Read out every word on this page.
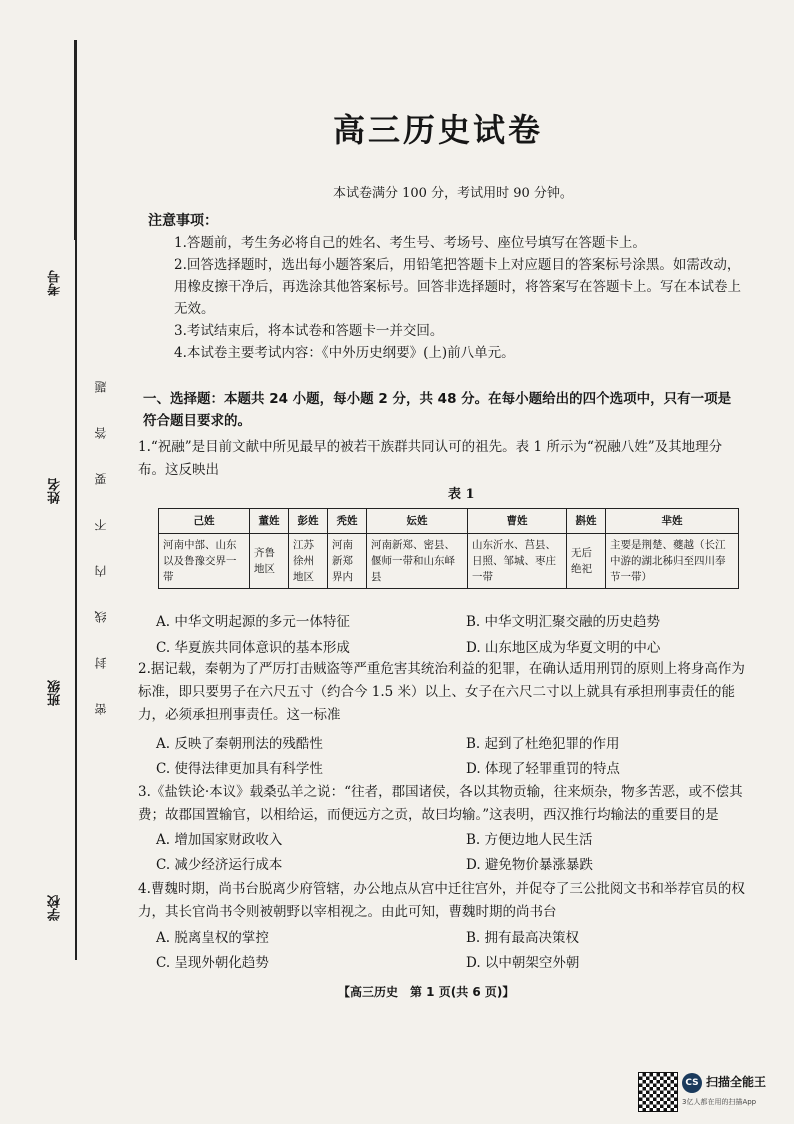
考号
姓名
班级
学校
密封线内不要答题
高三历史试卷
本试卷满分 100 分，考试用时 90 分钟。
注意事项：
1.答题前，考生务必将自己的姓名、考生号、考场号、座位号填写在答题卡上。
2.回答选择题时，选出每小题答案后，用铅笔把答题卡上对应题目的答案标号涂黑。如需改动，用橡皮擦干净后，再选涂其他答案标号。回答非选择题时，将答案写在答题卡上。写在本试卷上无效。
3.考试结束后，将本试卷和答题卡一并交回。
4.本试卷主要考试内容：《中外历史纲要》(上)前八单元。
一、选择题：本题共 24 小题，每小题 2 分，共 48 分。在每小题给出的四个选项中，只有一项是符合题目要求的。
1.“祝融”是目前文献中所见最早的被若干族群共同认可的祖先。表 1 所示为“祝融八姓”及其地理分布。这反映出
表 1
己姓	董姓	彭姓	秃姓	妘姓	曹姓	斟姓	芈姓
河南中部、山东以及鲁豫交界一带	齐鲁地区	江苏徐州地区	河南新郑界内	河南新郑、密县、偃师一带和山东峄县	山东沂水、莒县、日照、邹城、枣庄一带	无后绝祀	主要是荆楚、夔越（长江中游的湖北秭归至四川奉节一带）
A. 中华文明起源的多元一体特征	B. 中华文明汇聚交融的历史趋势
C. 华夏族共同体意识的基本形成	D. 山东地区成为华夏文明的中心
2.据记载，秦朝为了严厉打击贼盗等严重危害其统治利益的犯罪，在确认适用刑罚的原则上将身高作为标准，即只要男子在六尺五寸（约合今 1.5 米）以上、女子在六尺二寸以上就具有承担刑事责任的能力，必须承担刑事责任。这一标准
A. 反映了秦朝刑法的残酷性	B. 起到了杜绝犯罪的作用
C. 使得法律更加具有科学性	D. 体现了轻罪重罚的特点
3.《盐铁论·本议》载桑弘羊之说：“往者，郡国诸侯，各以其物贡输，往来烦杂，物多苦恶，或不偿其费；故郡国置输官，以相给运，而便远方之贡，故曰均输。”这表明，西汉推行均输法的重要目的是
A. 增加国家财政收入	B. 方便边地人民生活
C. 减少经济运行成本	D. 避免物价暴涨暴跌
4.曹魏时期，尚书台脱离少府管辖，办公地点从宫中迁往宫外，并促夺了三公批阅文书和举荐官员的权力，其长官尚书令则被朝野以宰相视之。由此可知，曹魏时期的尚书台
A. 脱离皇权的掌控	B. 拥有最高决策权
C. 呈现外朝化趋势	D. 以中朝架空外朝
【高三历史　第 1 页(共 6 页)】
CS 扫描全能王
3亿人都在用的扫描App
